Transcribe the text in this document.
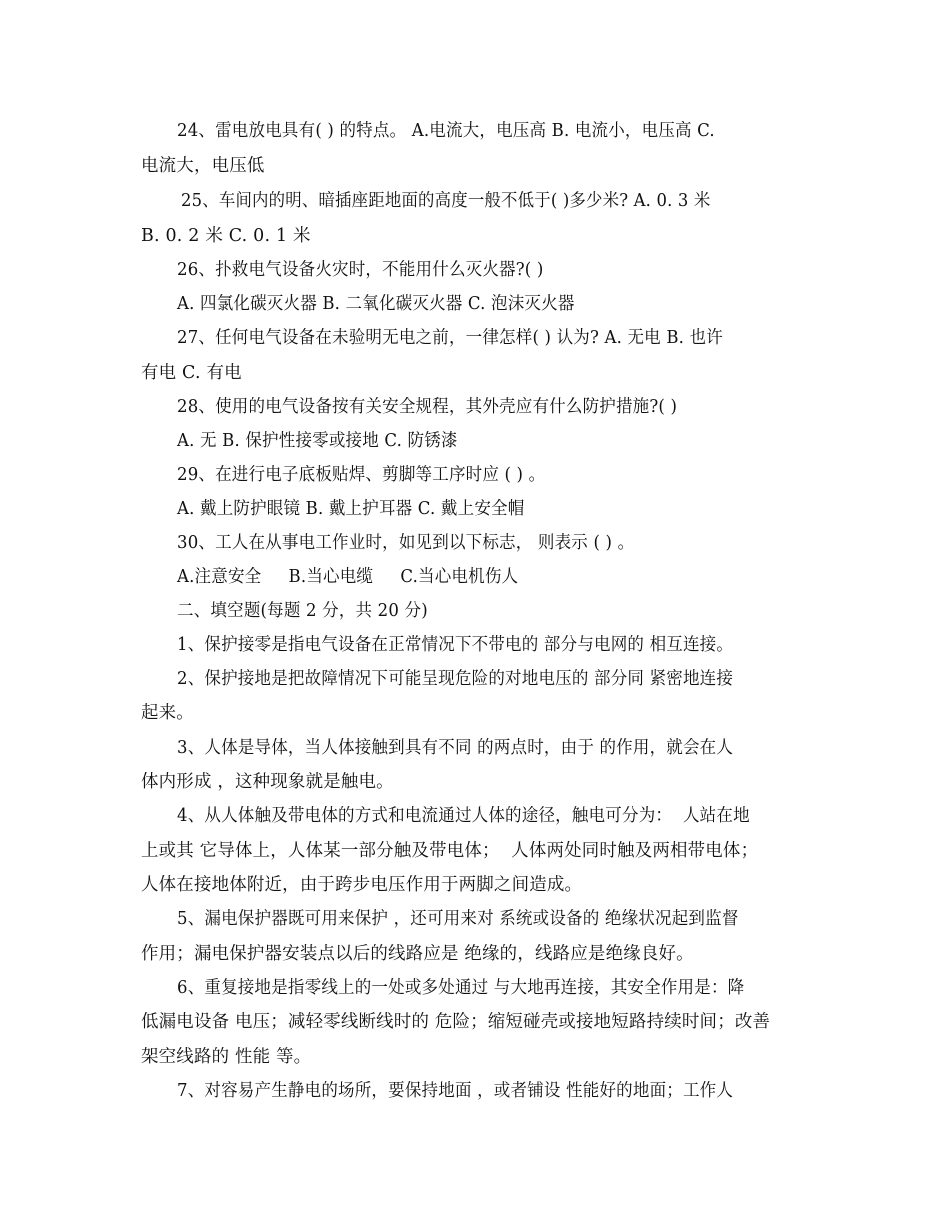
24、雷电放电具有( ) 的特点。 A.电流大，电压高 B. 电流小，电压高 C.
电流大，电压低
25、车间内的明、暗插座距地面的高度一般不低于( )多少米? A. 0. 3 米
B. 0. 2 米 C. 0. 1 米
26、扑救电气设备火灾时，不能用什么灭火器?( )
A. 四氯化碳灭火器 B. 二氧化碳灭火器 C. 泡沫灭火器
27、任何电气设备在未验明无电之前，一律怎样( ) 认为? A. 无电 B. 也许
有电 C. 有电
28、使用的电气设备按有关安全规程，其外壳应有什么防护措施?( )
A. 无 B. 保护性接零或接地 C. 防锈漆
29、在进行电子底板贴焊、剪脚等工序时应 ( ) 。
A. 戴上防护眼镜 B. 戴上护耳器 C. 戴上安全帽
30、工人在从事电工作业时，如见到以下标志， 则表示 ( ) 。
A.注意安全     B.当心电缆     C.当心电机伤人
二、填空题(每题 2 分，共 20 分)
1、保护接零是指电气设备在正常情况下不带电的 部分与电网的 相互连接。
2、保护接地是把故障情况下可能呈现危险的对地电压的 部分同 紧密地连接
起来。
3、人体是导体，当人体接触到具有不同 的两点时，由于 的作用，就会在人
体内形成 ，这种现象就是触电。
4、从人体触及带电体的方式和电流通过人体的途径，触电可分为：  人站在地
上或其 它导体上，人体某一部分触及带电体；  人体两处同时触及两相带电体；
人体在接地体附近，由于跨步电压作用于两脚之间造成。
5、漏电保护器既可用来保护 ，还可用来对 系统或设备的 绝缘状况起到监督
作用；漏电保护器安装点以后的线路应是 绝缘的，线路应是绝缘良好。
6、重复接地是指零线上的一处或多处通过 与大地再连接，其安全作用是：降
低漏电设备 电压；减轻零线断线时的 危险；缩短碰壳或接地短路持续时间；改善
架空线路的 性能 等。
7、对容易产生静电的场所，要保持地面 ，或者铺设 性能好的地面；工作人
